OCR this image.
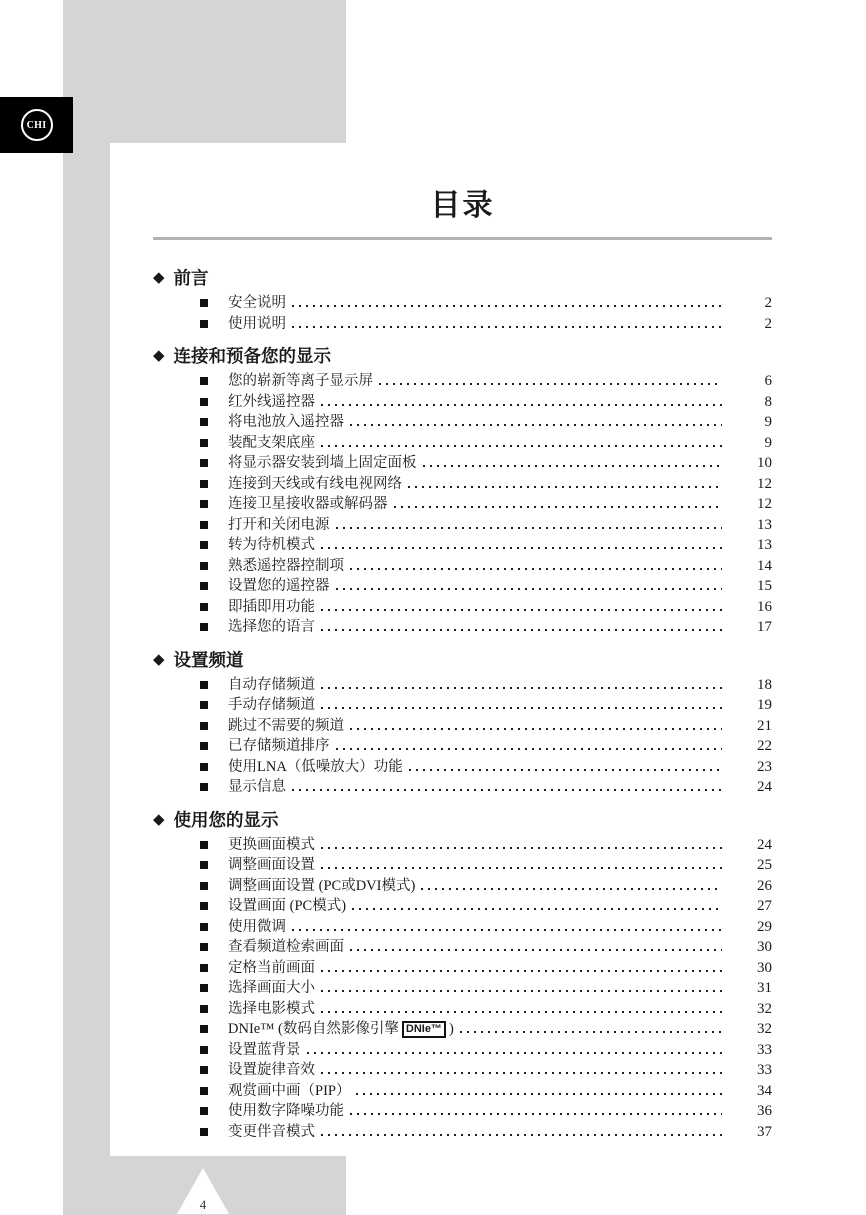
CHI
目录
◆ 前言
安全说明	2
使用说明	2
◆ 连接和预备您的显示
您的崭新等离子显示屏	6
红外线遥控器	8
将电池放入遥控器	9
装配支架底座	9
将显示器安装到墙上固定面板	10
连接到天线或有线电视网络	12
连接卫星接收器或解码器	12
打开和关闭电源	13
转为待机模式	13
熟悉遥控器控制项	14
设置您的遥控器	15
即插即用功能	16
选择您的语言	17
◆ 设置频道
自动存储频道	18
手动存储频道	19
跳过不需要的频道	21
已存储频道排序	22
使用LNA（低噪放大）功能	23
显示信息	24
◆ 使用您的显示
更换画面模式	24
调整画面设置	25
调整画面设置 (PC或DVI模式)	26
设置画面 (PC模式)	27
使用微调	29
查看频道检索画面	30
定格当前画面	30
选择画面大小	31
选择电影模式	32
DNIe™ (数码自然影像引擎 DNIe™ )	32
设置蓝背景	33
设置旋律音效	33
观赏画中画（PIP）	34
使用数字降噪功能	36
变更伴音模式	37
4
